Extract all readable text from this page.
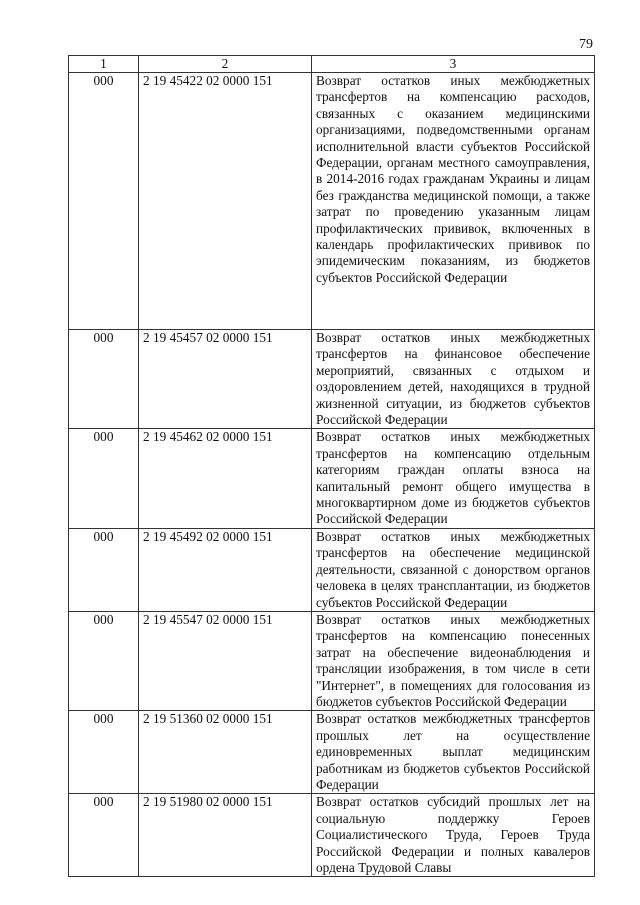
79
1	2	3
000	2 19 45422 02 0000 151	Возврат остатков иных межбюджетных трансфертов на компенсацию расходов, связанных с оказанием медицинскими организациями, подведомственными органам исполнительной власти субъектов Российской Федерации, органам местного самоуправления, в 2014-2016 годах гражданам Украины и лицам без гражданства медицинской помощи, а также затрат по проведению указанным лицам профилактических прививок, включенных в календарь профилактических прививок по эпидемическим показаниям, из бюджетов субъектов Российской Федерации
000	2 19 45457 02 0000 151	Возврат остатков иных межбюджетных трансфертов на финансовое обеспечение мероприятий, связанных с отдыхом и оздоровлением детей, находящихся в трудной жизненной ситуации, из бюджетов субъектов Российской Федерации
000	2 19 45462 02 0000 151	Возврат остатков иных межбюджетных трансфертов на компенсацию отдельным категориям граждан оплаты взноса на капитальный ремонт общего имущества в многоквартирном доме из бюджетов субъектов Российской Федерации
000	2 19 45492 02 0000 151	Возврат остатков иных межбюджетных трансфертов на обеспечение медицинской деятельности, связанной с донорством органов человека в целях трансплантации, из бюджетов субъектов Российской Федерации
000	2 19 45547 02 0000 151	Возврат остатков иных межбюджетных трансфертов на компенсацию понесенных затрат на обеспечение видеонаблюдения и трансляции изображения, в том числе в сети "Интернет", в помещениях для голосования из бюджетов субъектов Российской Федерации
000	2 19 51360 02 0000 151	Возврат остатков межбюджетных трансфертов прошлых лет на осуществление единовременных выплат медицинским работникам из бюджетов субъектов Российской Федерации
000	2 19 51980 02 0000 151	Возврат остатков субсидий прошлых лет на социальную поддержку Героев Социалистического Труда, Героев Труда Российской Федерации и полных кавалеров ордена Трудовой Славы
